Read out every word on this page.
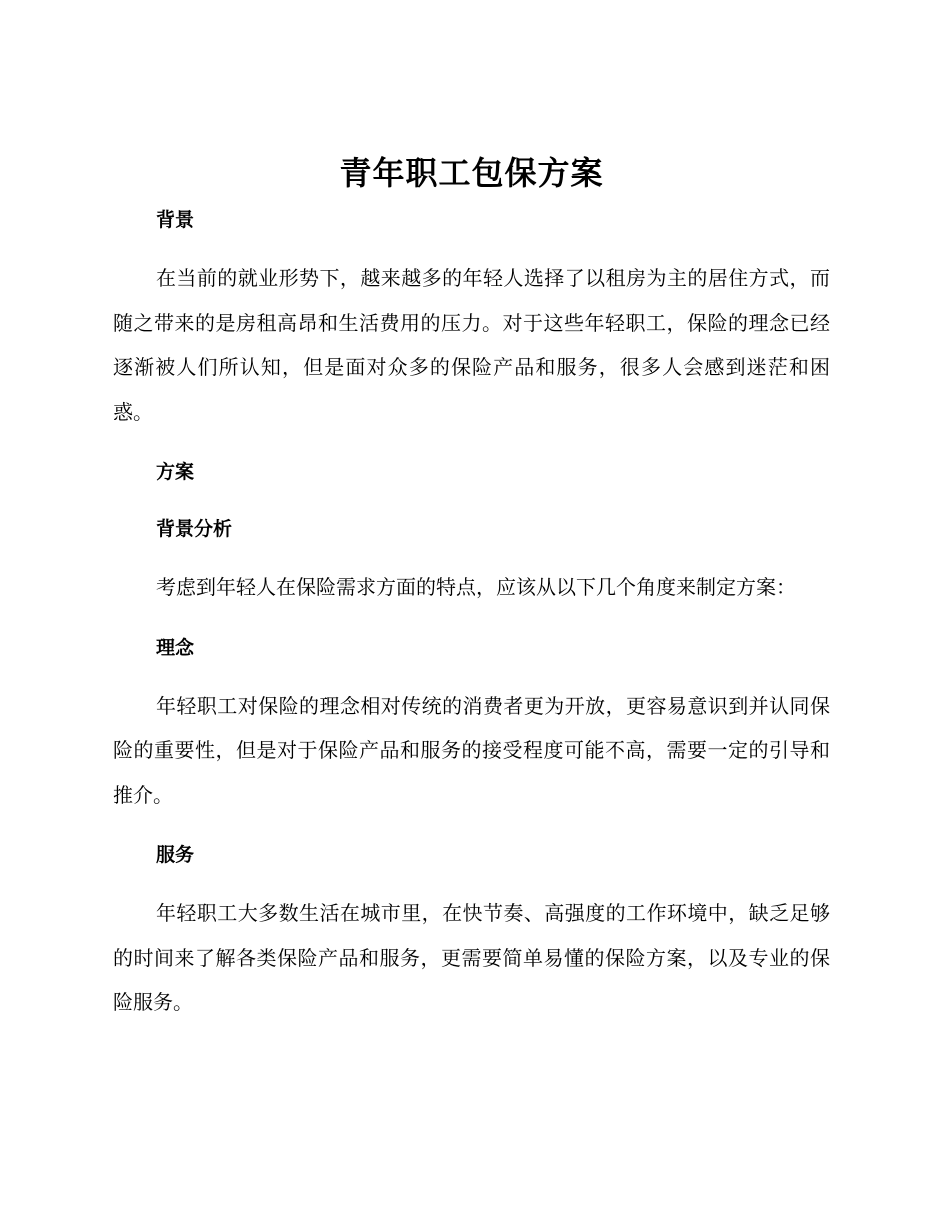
青年职工包保方案
背景

在当前的就业形势下，越来越多的年轻人选择了以租房为主的居住方式，而随之带来的是房租高昂和生活费用的压力。对于这些年轻职工，保险的理念已经逐渐被人们所认知，但是面对众多的保险产品和服务，很多人会感到迷茫和困惑。

方案
背景分析

考虑到年轻人在保险需求方面的特点，应该从以下几个角度来制定方案：

理念

年轻职工对保险的理念相对传统的消费者更为开放，更容易意识到并认同保险的重要性，但是对于保险产品和服务的接受程度可能不高，需要一定的引导和推介。

服务

年轻职工大多数生活在城市里，在快节奏、高强度的工作环境中，缺乏足够的时间来了解各类保险产品和服务，更需要简单易懂的保险方案，以及专业的保险服务。
